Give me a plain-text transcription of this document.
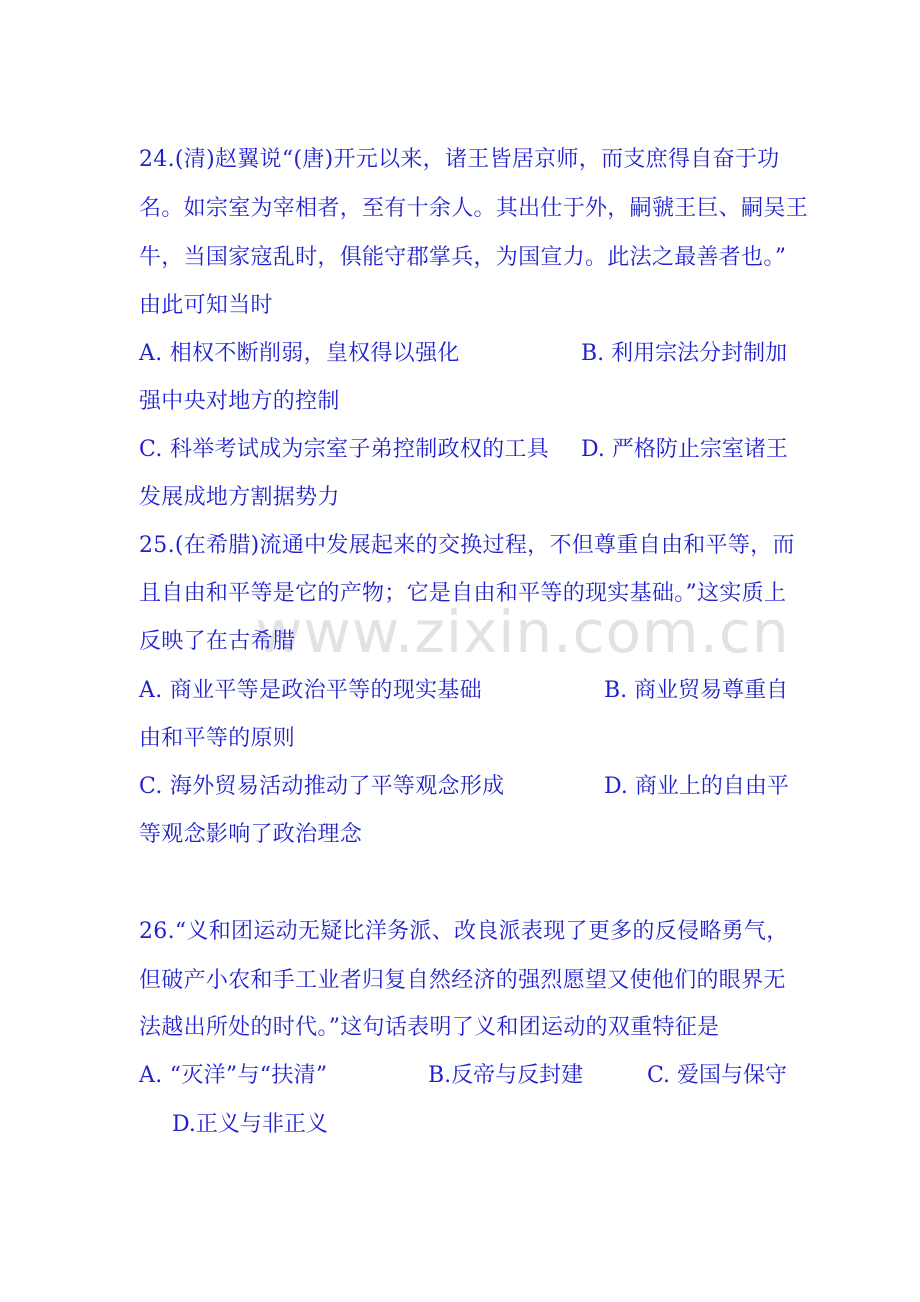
www.zixin.com.cn
24.(清)赵翼说“(唐)开元以来，诸王皆居京师，而支庶得自奋于功
名。如宗室为宰相者，至有十余人。其出仕于外，嗣虢王巨、嗣吴王
牛，当国家寇乱时，俱能守郡掌兵，为国宣力。此法之最善者也。”
由此可知当时
A. 相权不断削弱，皇权得以强化	B. 利用宗法分封制加
强中央对地方的控制
C. 科举考试成为宗室子弟控制政权的工具 D. 严格防止宗室诸王
发展成地方割据势力
25.(在希腊)流通中发展起来的交换过程，不但尊重自由和平等，而
且自由和平等是它的产物；它是自由和平等的现实基础。”这实质上
反映了在古希腊
A. 商业平等是政治平等的现实基础	B. 商业贸易尊重自
由和平等的原则
C. 海外贸易活动推动了平等观念形成	D. 商业上的自由平
等观念影响了政治理念
26.“义和团运动无疑比洋务派、改良派表现了更多的反侵略勇气，
但破产小农和手工业者归复自然经济的强烈愿望又使他们的眼界无
法越出所处的时代。”这句话表明了义和团运动的双重特征是
A. “灭洋”与“扶清”	B.反帝与反封建	C. 爱国与保守
D.正义与非正义
